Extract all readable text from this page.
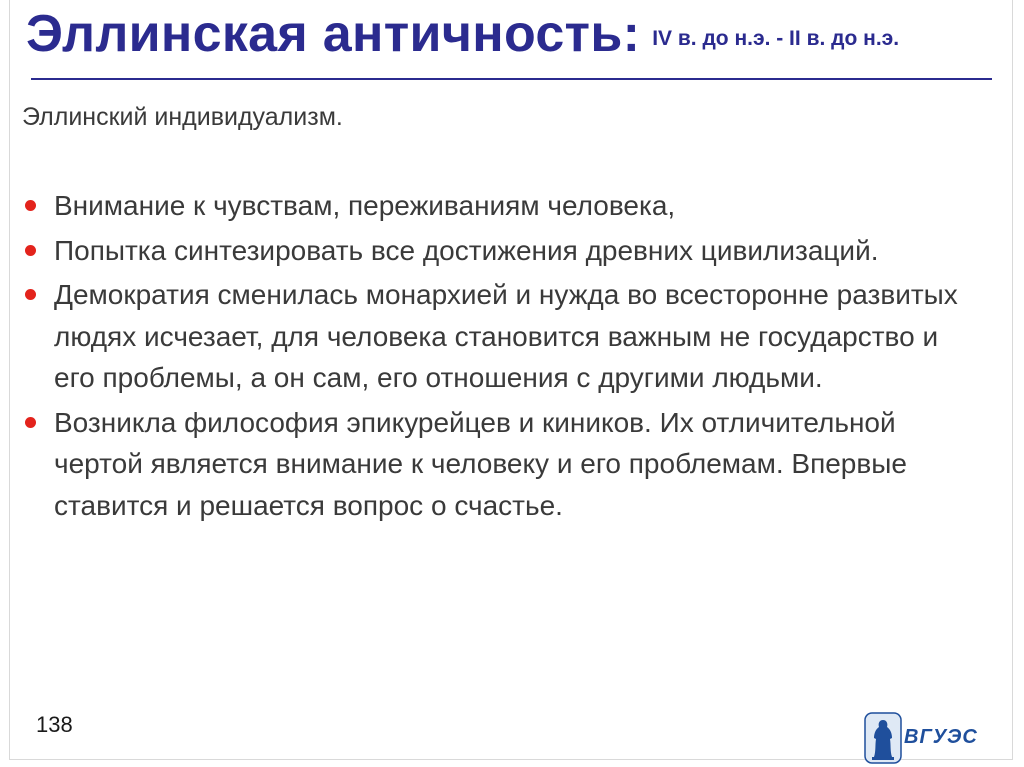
Эллинская античность: IV в. до н.э. - II в. до н.э.
Эллинский индивидуализм.
Внимание к чувствам, переживаниям человека,
Попытка синтезировать все достижения древних цивилизаций.
Демократия сменилась монархией и нужда во всесторонне развитых людях исчезает, для человека становится важным не государство и его проблемы, а он сам, его отношения с другими людьми.
Возникла философия эпикурейцев и киников. Их отличительной чертой является внимание к человеку и его проблемам. Впервые ставится и решается вопрос о счастье.
138	ВГУЭС
